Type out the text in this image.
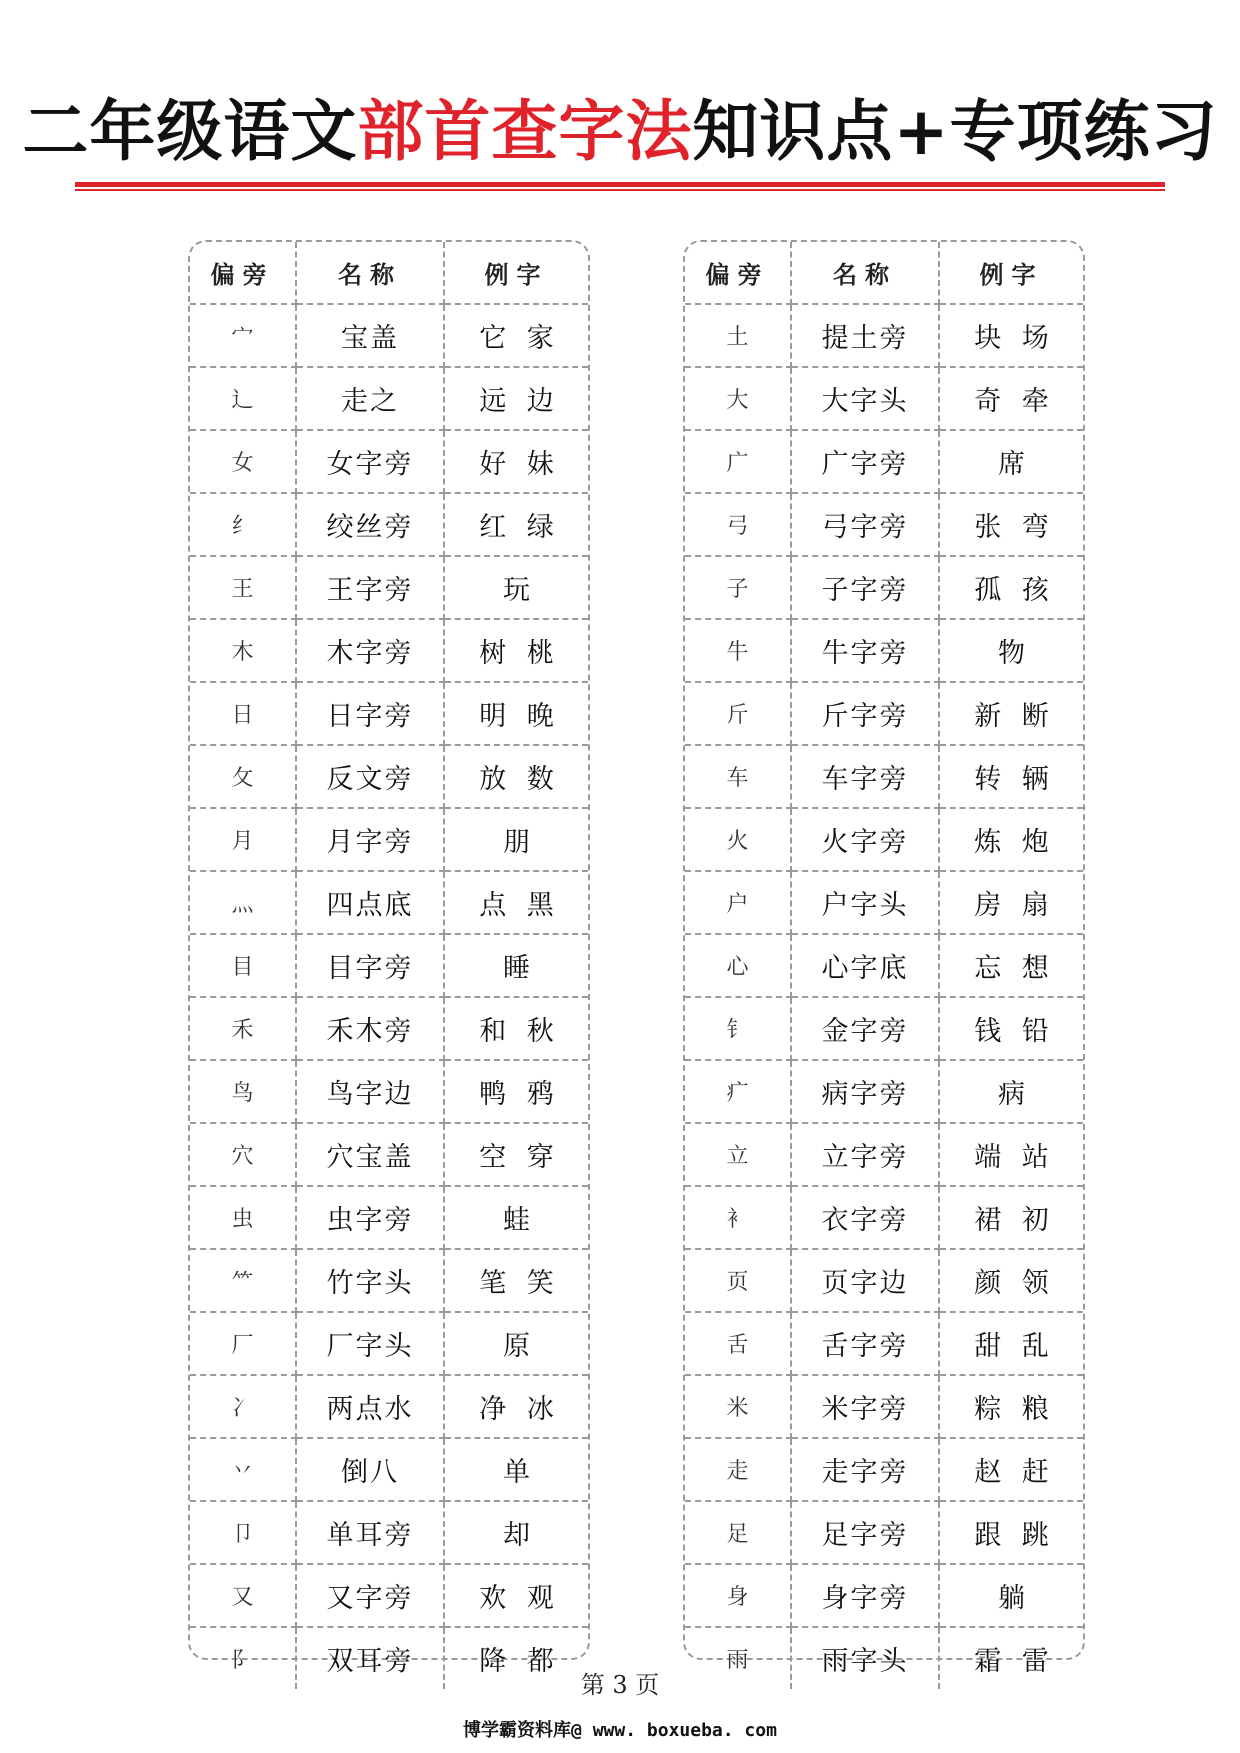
二年级语文部首查字法知识点+专项练习
偏旁	名称	例字
宀	宝盖	它 家
辶	走之	远 边
女	女字旁	好 妹
纟	绞丝旁	红 绿
王	王字旁	玩
木	木字旁	树 桃
日	日字旁	明 晚
攵	反文旁	放 数
月	月字旁	朋
灬	四点底	点 黑
目	目字旁	睡
禾	禾木旁	和 秋
鸟	鸟字边	鸭 鸦
穴	穴宝盖	空 穿
虫	虫字旁	蛙
⺮	竹字头	笔 笑
厂	厂字头	原
冫	两点水	净 冰
丷	倒八	单
卩	单耳旁	却
又	又字旁	欢 观
阝	双耳旁	降 都
偏旁	名称	例字
土	提土旁	块 场
大	大字头	奇 牵
广	广字旁	席
弓	弓字旁	张 弯
子	子字旁	孤 孩
牛	牛字旁	物
斤	斤字旁	新 断
车	车字旁	转 辆
火	火字旁	炼 炮
户	户字头	房 扇
心	心字底	忘 想
钅	金字旁	钱 铅
疒	病字旁	病
立	立字旁	端 站
衤	衣字旁	裙 初
页	页字边	颜 领
舌	舌字旁	甜 乱
米	米字旁	粽 粮
走	走字旁	赵 赶
足	足字旁	跟 跳
身	身字旁	躺
雨	雨字头	霜 雷
第 3 页
博学霸资料库@ www. boxueba. com
